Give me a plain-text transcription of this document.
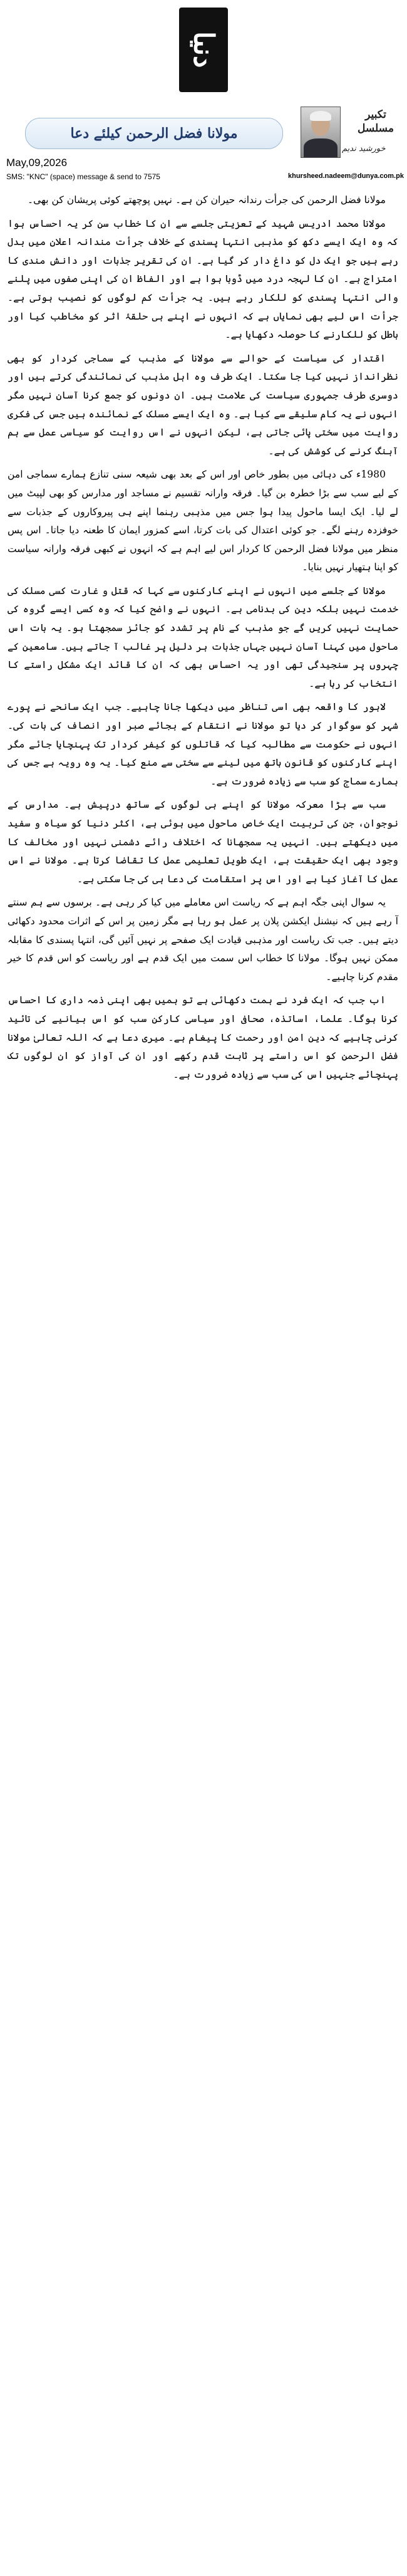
دنیا
مولانا فضل الرحمن کیلئے دعا
May,09,2026
SMS: "KNC" (space) message & send to 7575
تکبیر مسلسل
خورشید ندیم
khursheed.nadeem@dunya.com.pk

مولانا فضل الرحمن کی جرأت رندانہ حیران کن ہے۔ نہیں پوچھتے کوئی پریشان کن بھی۔

مولانا محمد ادریس شہید کے تعزیتی جلسے سے ان کا خطاب سن کر یہ احساس ہوا کہ وہ ایک ایسے دکھ کو مذہبی انتہا پسندی کے خلاف جرأت مندانہ اعلان میں بدل رہے ہیں جو ایک دل کو داغ دار کر گیا ہے۔ ان کی تقریر جذبات اور دانش مندی کا امتزاج ہے۔ ان کا لہجہ درد میں ڈوبا ہوا ہے اور الفاظ ان کی اپنی صفوں میں پلنے والی انتہا پسندی کو للکار رہے ہیں۔ یہ جرأت کم لوگوں کو نصیب ہوتی ہے۔ جرأت اس لیے بھی نمایاں ہے کہ انہوں نے اپنے ہی حلقۂ اثر کو مخاطب کیا اور باطل کو للکارنے کا حوصلہ دکھایا ہے۔

اقتدار کی سیاست کے حوالے سے مولانا کے مذہب کے سماجی کردار کو بھی نظرانداز نہیں کیا جا سکتا۔ ایک طرف وہ اہل مذہب کی نمائندگی کرتے ہیں اور دوسری طرف جمہوری سیاست کی علامت ہیں۔ ان دونوں کو جمع کرنا آسان نہیں مگر انہوں نے یہ کام سلیقے سے کیا ہے۔ وہ ایک ایسے مسلک کے نمائندہ ہیں جس کی فکری روایت میں سختی پائی جاتی ہے، لیکن انہوں نے اس روایت کو سیاسی عمل سے ہم آہنگ کرنے کی کوشش کی ہے۔

1980ء کی دہائی میں بطور خاص اور اس کے بعد بھی شیعہ سنی تنازع ہمارے سماجی امن کے لیے سب سے بڑا خطرہ بن گیا۔ فرقہ وارانہ تقسیم نے مساجد اور مدارس کو بھی لپیٹ میں لے لیا۔ ایک ایسا ماحول پیدا ہوا جس میں مذہبی رہنما اپنے ہی پیروکاروں کے جذبات سے خوفزدہ رہنے لگے۔ جو کوئی اعتدال کی بات کرتا، اسے کمزور ایمان کا طعنہ دیا جاتا۔ اس پس منظر میں مولانا فضل الرحمن کا کردار اس لیے اہم ہے کہ انہوں نے کبھی فرقہ وارانہ سیاست کو اپنا ہتھیار نہیں بنایا۔

مولانا کے جلسے میں انہوں نے اپنے کارکنوں سے کہا کہ قتل و غارت کسی مسلک کی خدمت نہیں بلکہ دین کی بدنامی ہے۔ انہوں نے واضح کیا کہ وہ کسی ایسے گروہ کی حمایت نہیں کریں گے جو مذہب کے نام پر تشدد کو جائز سمجھتا ہو۔ یہ بات اس ماحول میں کہنا آسان نہیں جہاں جذبات ہر دلیل پر غالب آ جاتے ہیں۔ سامعین کے چہروں پر سنجیدگی تھی اور یہ احساس بھی کہ ان کا قائد ایک مشکل راستے کا انتخاب کر رہا ہے۔

لاہور کا واقعہ بھی اسی تناظر میں دیکھا جانا چاہیے۔ جب ایک سانحے نے پورے شہر کو سوگوار کر دیا تو مولانا نے انتقام کے بجائے صبر اور انصاف کی بات کی۔ انہوں نے حکومت سے مطالبہ کیا کہ قاتلوں کو کیفر کردار تک پہنچایا جائے مگر اپنے کارکنوں کو قانون ہاتھ میں لینے سے سختی سے منع کیا۔ یہ وہ رویہ ہے جس کی ہمارے سماج کو سب سے زیادہ ضرورت ہے۔

سب سے بڑا معرکہ مولانا کو اپنے ہی لوگوں کے ساتھ درپیش ہے۔ مدارس کے نوجوان، جن کی تربیت ایک خاص ماحول میں ہوئی ہے، اکثر دنیا کو سیاہ و سفید میں دیکھتے ہیں۔ انہیں یہ سمجھانا کہ اختلاف رائے دشمنی نہیں اور مخالف کا وجود بھی ایک حقیقت ہے، ایک طویل تعلیمی عمل کا تقاضا کرتا ہے۔ مولانا نے اس عمل کا آغاز کیا ہے اور اس پر استقامت کی دعا ہی کی جا سکتی ہے۔

یہ سوال اپنی جگہ اہم ہے کہ ریاست اس معاملے میں کیا کر رہی ہے۔ برسوں سے ہم سنتے آ رہے ہیں کہ نیشنل ایکشن پلان پر عمل ہو رہا ہے مگر زمین پر اس کے اثرات محدود دکھائی دیتے ہیں۔ جب تک ریاست اور مذہبی قیادت ایک صفحے پر نہیں آئیں گی، انتہا پسندی کا مقابلہ ممکن نہیں ہوگا۔ مولانا کا خطاب اس سمت میں ایک قدم ہے اور ریاست کو اس قدم کا خیر مقدم کرنا چاہیے۔

اب جب کہ ایک فرد نے ہمت دکھائی ہے تو ہمیں بھی اپنی ذمہ داری کا احساس کرنا ہوگا۔ علما، اساتذہ، صحافی اور سیاسی کارکن سب کو اس بیانیے کی تائید کرنی چاہیے کہ دین امن اور رحمت کا پیغام ہے۔ میری دعا ہے کہ اللہ تعالیٰ مولانا فضل الرحمن کو اس راستے پر ثابت قدم رکھے اور ان کی آواز کو ان لوگوں تک پہنچائے جنہیں اس کی سب سے زیادہ ضرورت ہے۔
